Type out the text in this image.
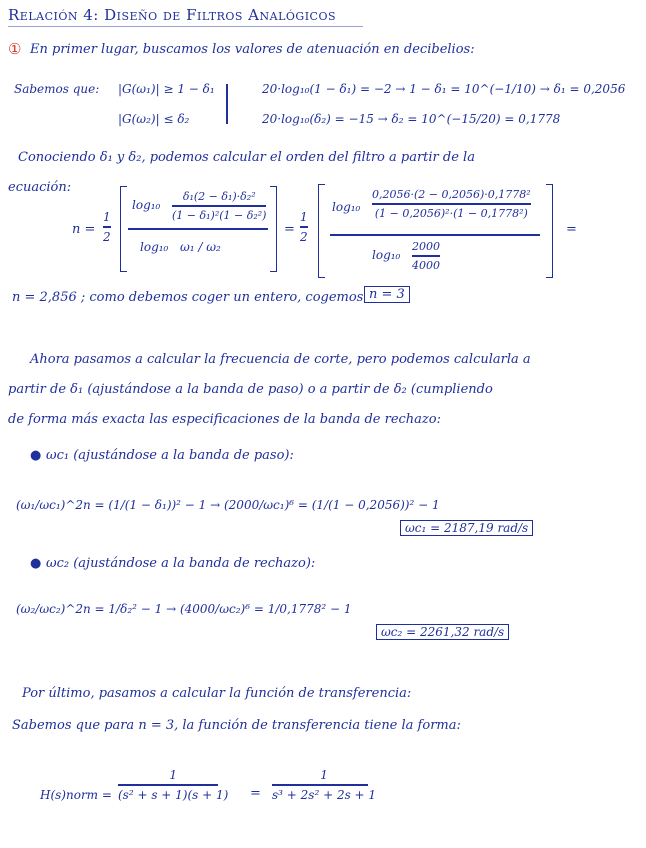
Relación 4: Diseño de Filtros Analógicos
① En primer lugar, buscamos los valores de atenuación en decibelios:
Sabemos que: |G(ω₁)| ≥ 1 − δ₁
|G(ω₂)| ≤ δ₂
20·log₁₀(1 − δ₁) = −2 → 1 − δ₁ = 10^(−1/10) → δ₁ = 0,2056
20·log₁₀(δ₂) = −15 → δ₂ = 10^(−15/20) = 0,1778
Conociendo δ₁ y δ₂, podemos calcular el orden del filtro a partir de la
ecuación:
n =
1
2
log₁₀
δ₁(2 − δ₁)·δ₂²
(1 − δ₁)²(1 − δ₂²)
log₁₀ ω₁ / ω₂
=
1
2
log₁₀
0,2056·(2 − 0,2056)·0,1778²
(1 − 0,2056)²·(1 − 0,1778²)
log₁₀
2000
4000
=
n = 2,856 ; como debemos coger un entero, cogemos n = 3
Ahora pasamos a calcular la frecuencia de corte, pero podemos calcularla a
partir de δ₁ (ajustándose a la banda de paso) o a partir de δ₂ (cumpliendo
de forma más exacta las especificaciones de la banda de rechazo:
● ωc₁ (ajustándose a la banda de paso):
(ω₁/ωc₁)^2n = (1/(1 − δ₁))² − 1 → (2000/ωc₁)⁶ = (1/(1 − 0,2056))² − 1
ωc₁ = 2187,19 rad/s
● ωc₂ (ajustándose a la banda de rechazo):
(ω₂/ωc₂)^2n = 1/δ₂² − 1 → (4000/ωc₂)⁶ = 1/0,1778² − 1
ωc₂ = 2261,32 rad/s
Por último, pasamos a calcular la función de transferencia:
Sabemos que para n = 3, la función de transferencia tiene la forma:
H(s)norm =
1
(s² + s + 1)(s + 1) =
1
s³ + 2s² + 2s + 1
